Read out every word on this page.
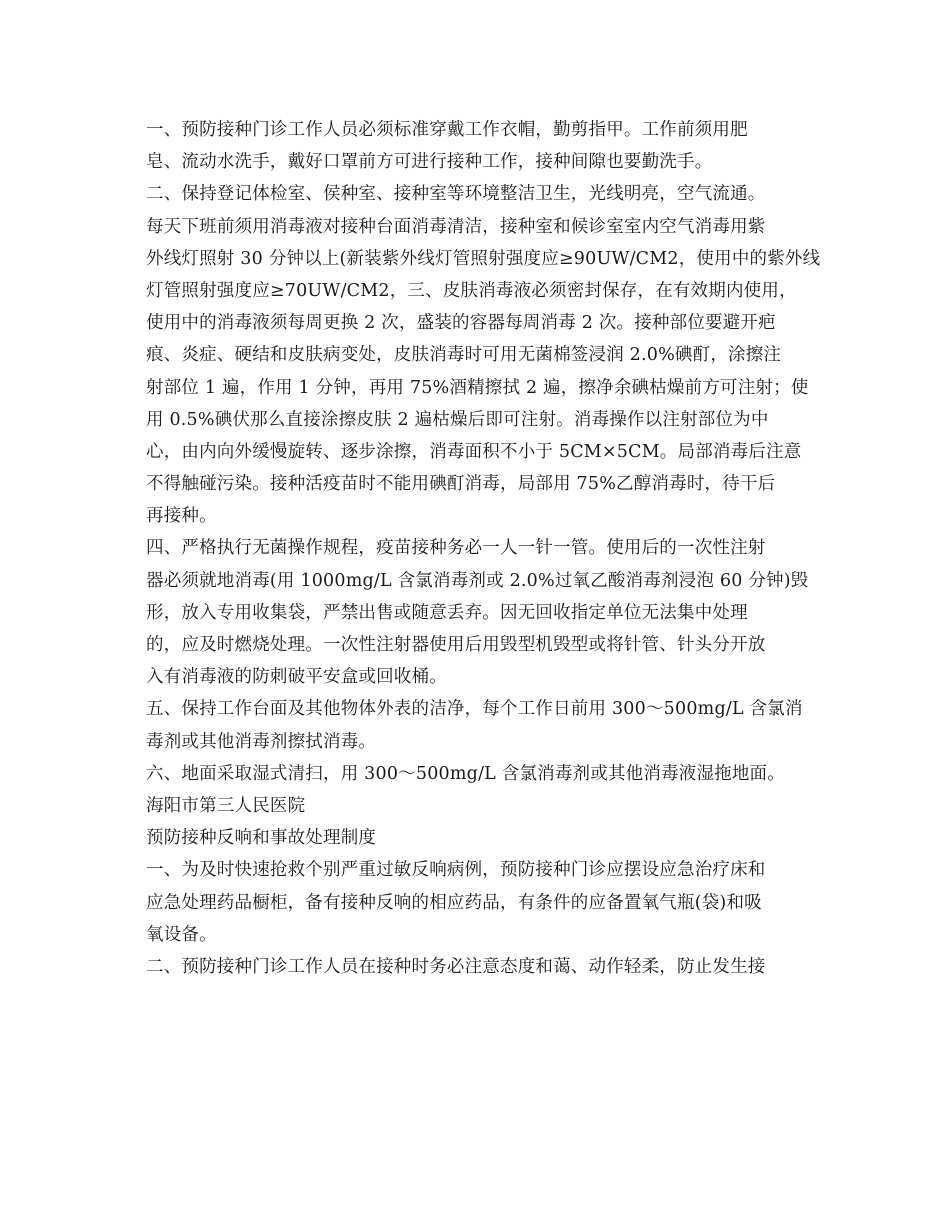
一、预防接种门诊工作人员必须标准穿戴工作衣帽，勤剪指甲。工作前须用肥
皂、流动水洗手，戴好口罩前方可进行接种工作，接种间隙也要勤洗手。
二、保持登记体检室、侯种室、接种室等环境整洁卫生，光线明亮，空气流通。
每天下班前须用消毒液对接种台面消毒清洁，接种室和候诊室室内空气消毒用紫
外线灯照射 30 分钟以上(新装紫外线灯管照射强度应≥90UW/CM2，使用中的紫外线
灯管照射强度应≥70UW/CM2，三、皮肤消毒液必须密封保存，在有效期内使用，
使用中的消毒液须每周更换 2 次，盛装的容器每周消毒 2 次。接种部位要避开疤
痕、炎症、硬结和皮肤病变处，皮肤消毒时可用无菌棉签浸润 2.0%碘酊，涂擦注
射部位 1 遍，作用 1 分钟，再用 75%酒精擦拭 2 遍，擦净余碘枯燥前方可注射；使
用 0.5%碘伏那么直接涂擦皮肤 2 遍枯燥后即可注射。消毒操作以注射部位为中
心，由内向外缓慢旋转、逐步涂擦，消毒面积不小于 5CM×5CM。局部消毒后注意
不得触碰污染。接种活疫苗时不能用碘酊消毒，局部用 75%乙醇消毒时，待干后
再接种。
四、严格执行无菌操作规程，疫苗接种务必一人一针一管。使用后的一次性注射
器必须就地消毒(用 1000mg/L 含氯消毒剂或 2.0%过氧乙酸消毒剂浸泡 60 分钟)毁
形，放入专用收集袋，严禁出售或随意丢弃。因无回收指定单位无法集中处理
的，应及时燃烧处理。一次性注射器使用后用毁型机毁型或将针管、针头分开放
入有消毒液的防刺破平安盒或回收桶。
五、保持工作台面及其他物体外表的洁净，每个工作日前用 300～500mg/L 含氯消
毒剂或其他消毒剂擦拭消毒。
六、地面采取湿式清扫，用 300～500mg/L 含氯消毒剂或其他消毒液湿拖地面。
海阳市第三人民医院
预防接种反响和事故处理制度
一、为及时快速抢救个别严重过敏反响病例，预防接种门诊应摆设应急治疗床和
应急处理药品橱柜，备有接种反响的相应药品，有条件的应备置氧气瓶(袋)和吸
氧设备。
二、预防接种门诊工作人员在接种时务必注意态度和蔼、动作轻柔，防止发生接
